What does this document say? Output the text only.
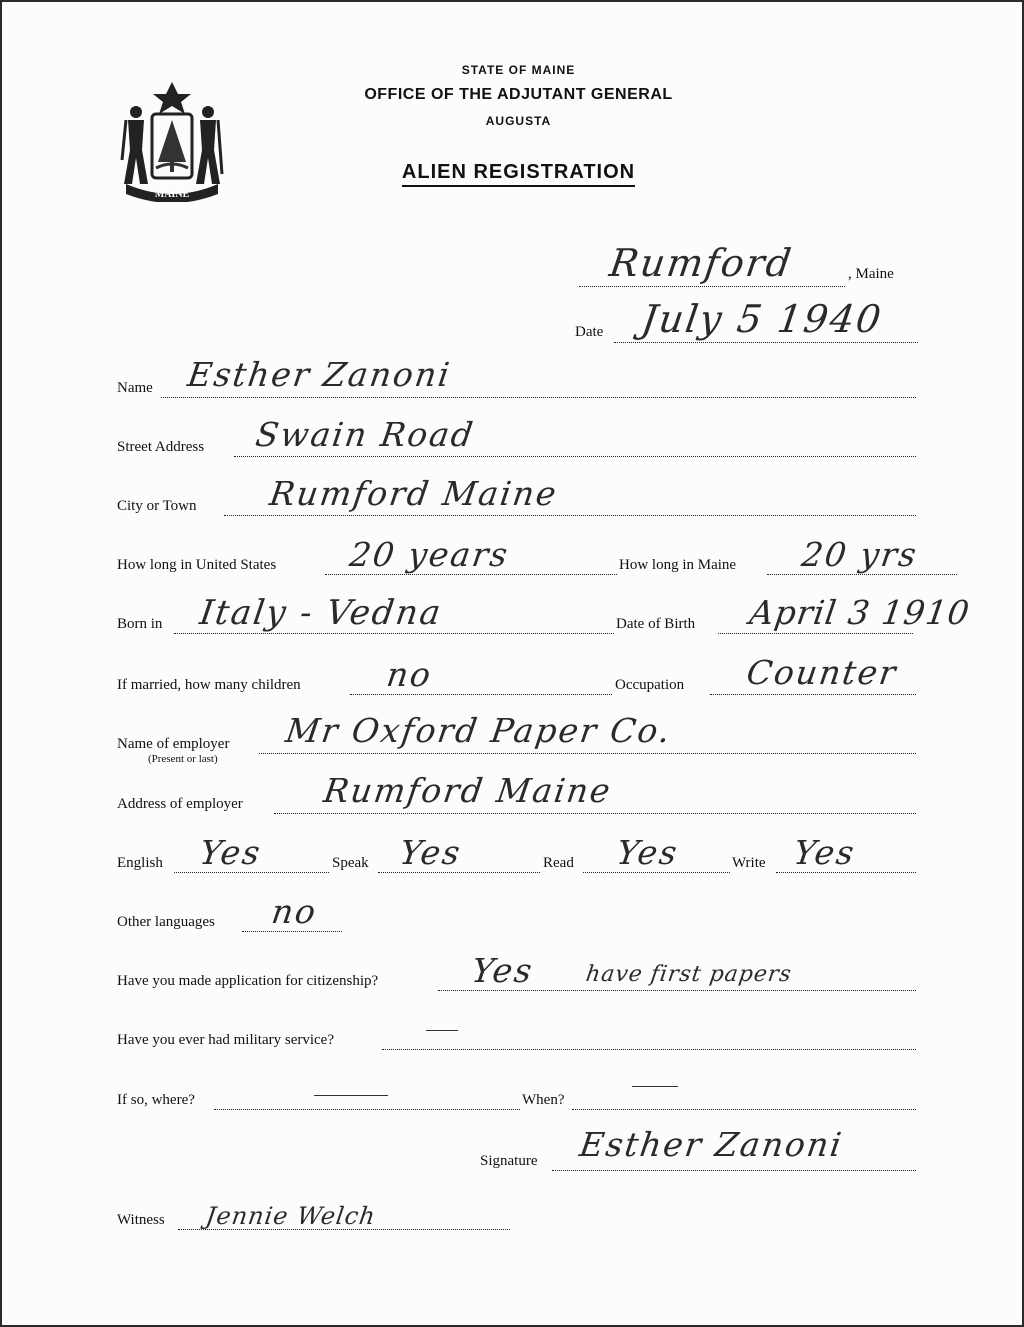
MAINE
STATE OF MAINE
OFFICE OF THE ADJUTANT GENERAL
AUGUSTA
ALIEN REGISTRATION
Rumford	, Maine
Date July 5 1940
Name Esther Zanoni
Street Address Swain Road
City or Town Rumford Maine
How long in United States 20 years	How long in Maine 20 yrs
Born in Italy - Vedna	Date of Birth April 3 1910
If married, how many children	no	Occupation Counter
Name of employer
(Present or last)
Mr Oxford Paper Co.
Address of employer Rumford Maine
English Yes	Speak Yes	Read Yes	Write Yes
Other languages no
Have you made application for citizenship?	Yes have first papers
Have you ever had military service?
If so, where?	When?
Signature Esther Zanoni
Witness Jennie Welch
